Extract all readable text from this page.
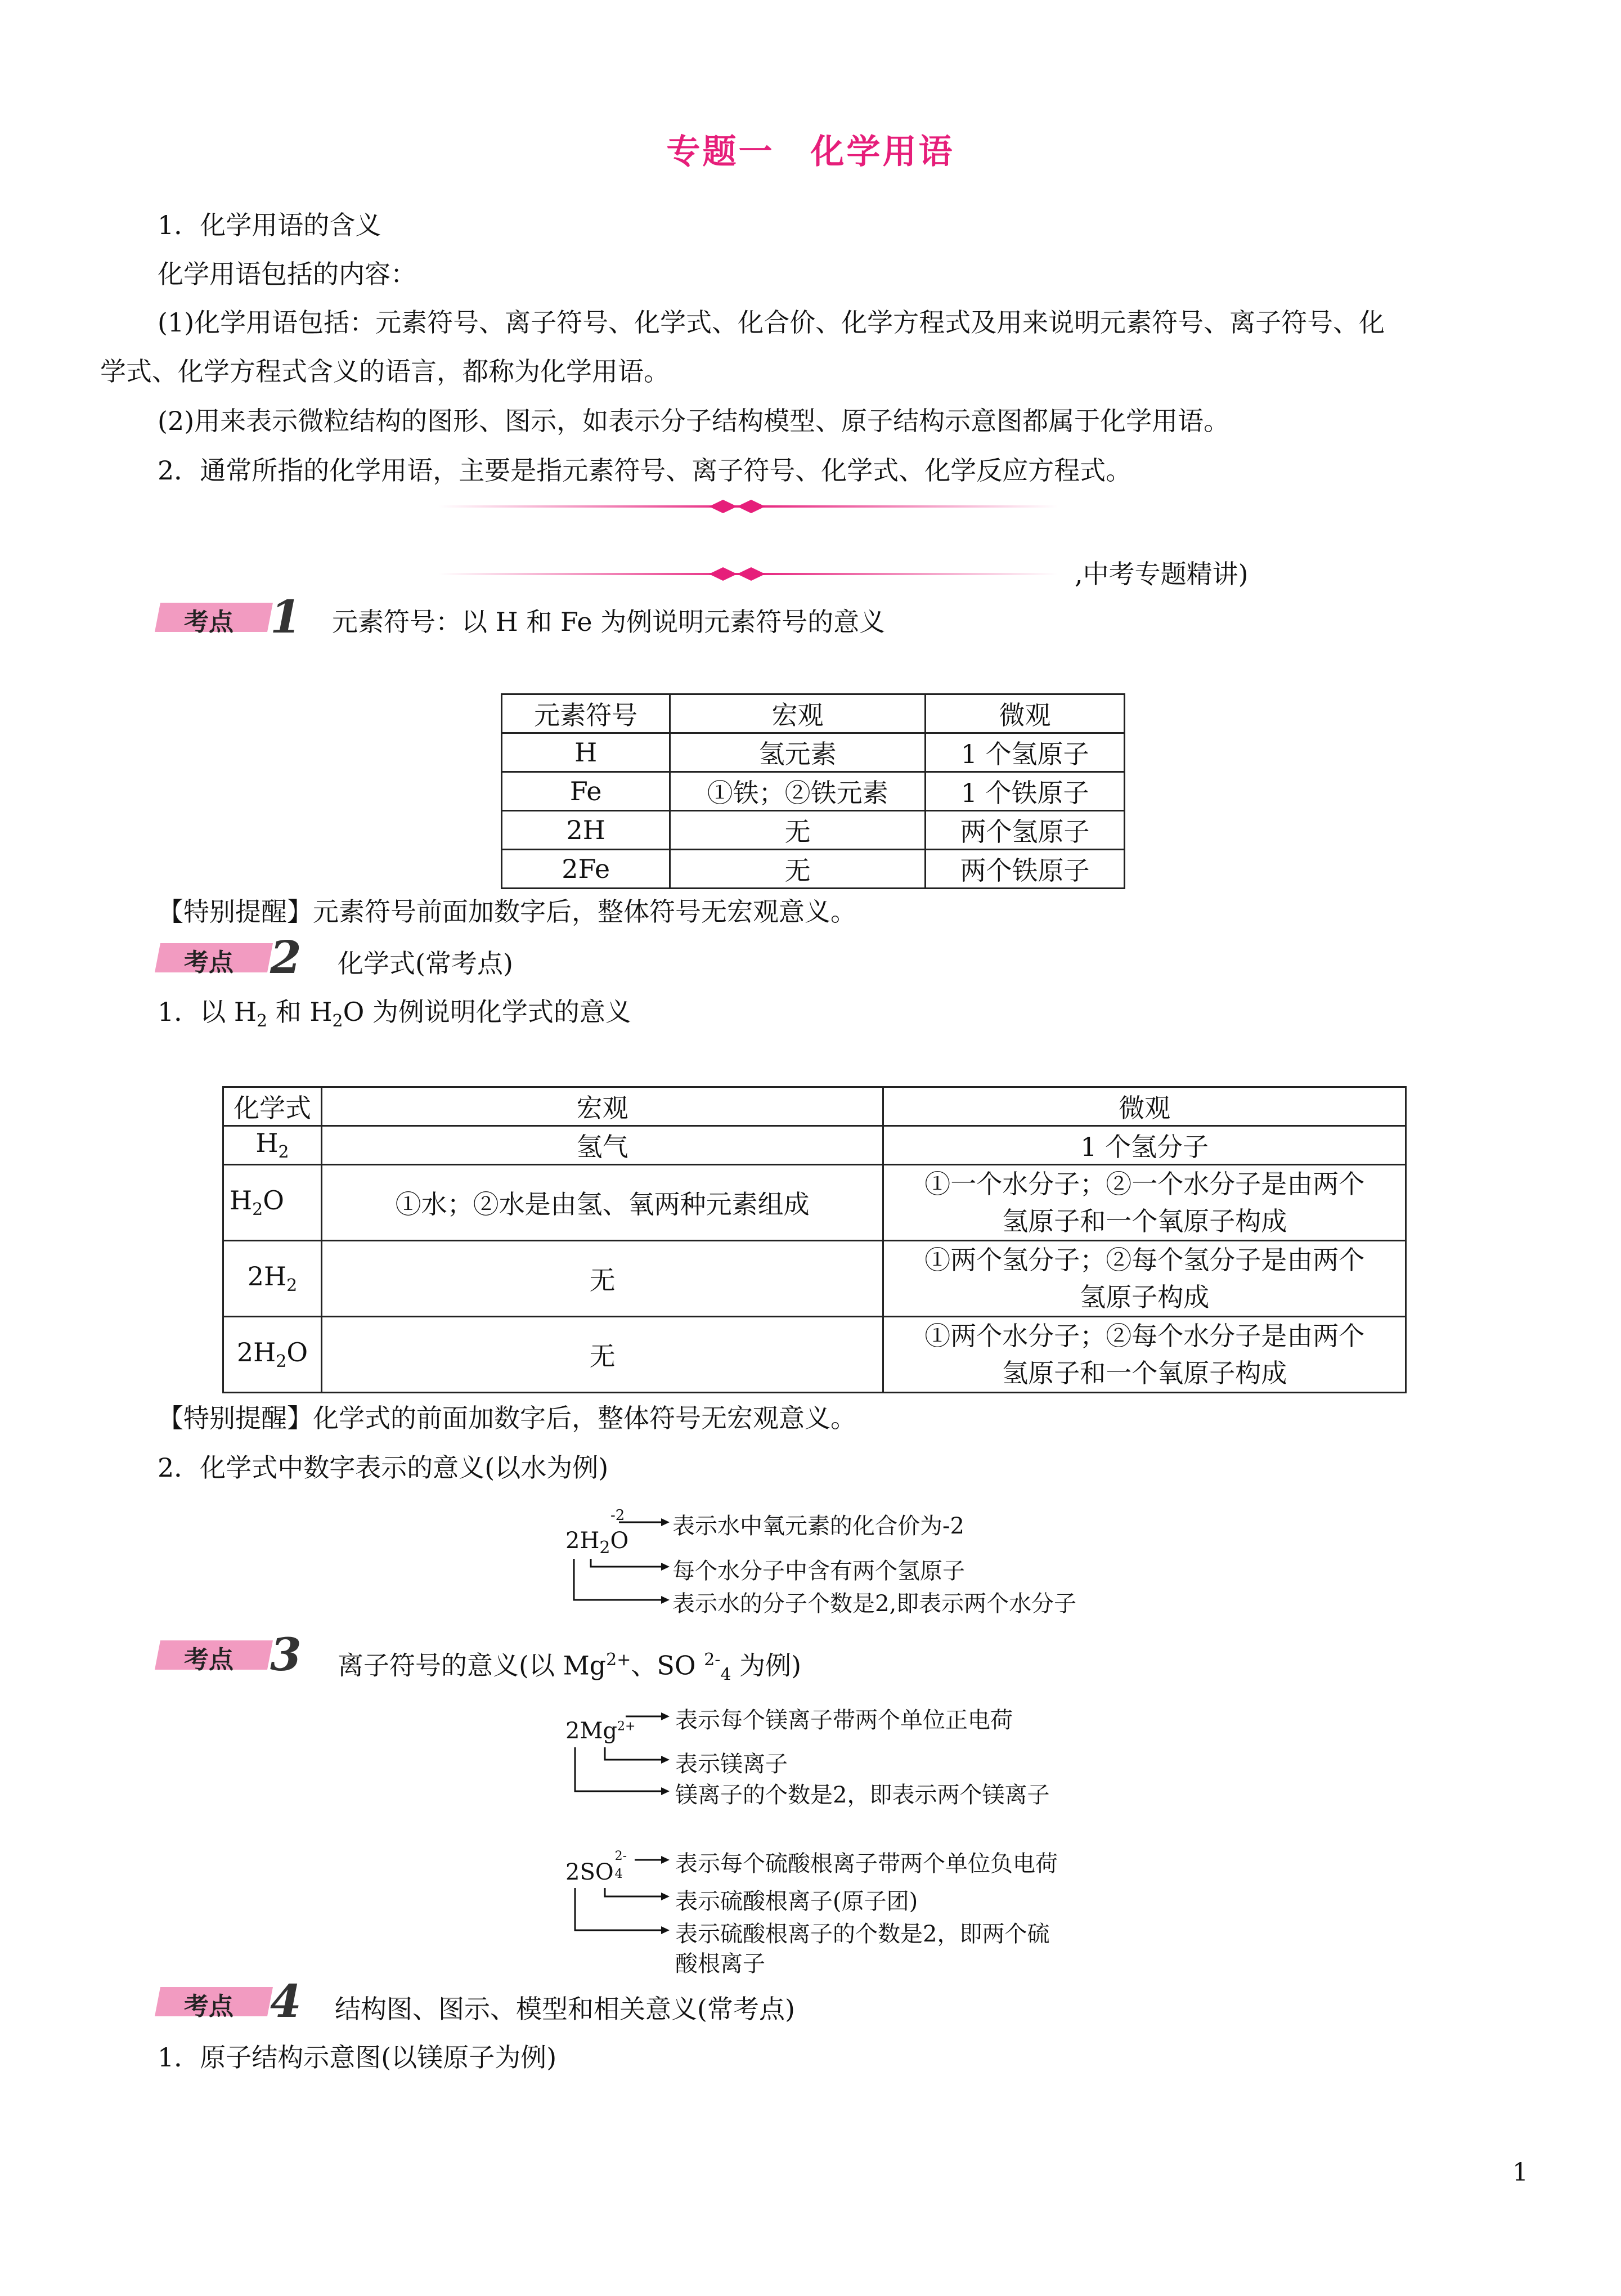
专题一　化学用语
1．化学用语的含义
化学用语包括的内容：
(1)化学用语包括：元素符号、离子符号、化学式、化合价、化学方程式及用来说明元素符号、离子符号、化
学式、化学方程式含义的语言，都称为化学用语。
(2)用来表示微粒结构的图形、图示，如表示分子结构模型、原子结构示意图都属于化学用语。
2．通常所指的化学用语，主要是指元素符号、离子符号、化学式、化学反应方程式。
,中考专题精讲)
考点 1 元素符号：以 H 和 Fe 为例说明元素符号的意义
元素符号	宏观	微观
H	氢元素	1 个氢原子
Fe	①铁；②铁元素	1 个铁原子
2H	无	两个氢原子
2Fe	无	两个铁原子
【特别提醒】元素符号前面加数字后，整体符号无宏观意义。
考点 2 化学式(常考点)
1．以 $H_2$ 和 $H_2O$ 为例说明化学式的意义
化学式	宏观	微观
$H_2$	氢气	1 个氢分子
$H_2O$	①水；②水是由氢、氧两种元素组成	①一个水分子；②一个水分子是由两个
氢原子和一个氧原子构成

$2H_2$	无	①两个氢分子；②每个氢分子是由两个
氢原子构成

$2H_2O$	无	①两个水分子；②每个水分子是由两个
氢原子和一个氧原子构成
【特别提醒】化学式的前面加数字后，整体符号无宏观意义。
2．化学式中数字表示的意义(以水为例)
$2H_2O$
-2 表示水中氧元素的化合价为-2
每个水分子中含有两个氢原子
表示水的分子个数是2,即表示两个水分子
考点 3 离子符号的意义(以 $Mg^{2+}$、SO $^{2-}_4$ 为例)
$2Mg^{2+}$ 表示每个镁离子带两个单位正电荷
表示镁离子
镁离子的个数是2，即表示两个镁离子
2SO
2-
4 表示每个硫酸根离子带两个单位负电荷
表示硫酸根离子(原子团)
表示硫酸根离子的个数是2，即两个硫
酸根离子
考点 4 结构图、图示、模型和相关意义(常考点)
1．原子结构示意图(以镁原子为例)
1
